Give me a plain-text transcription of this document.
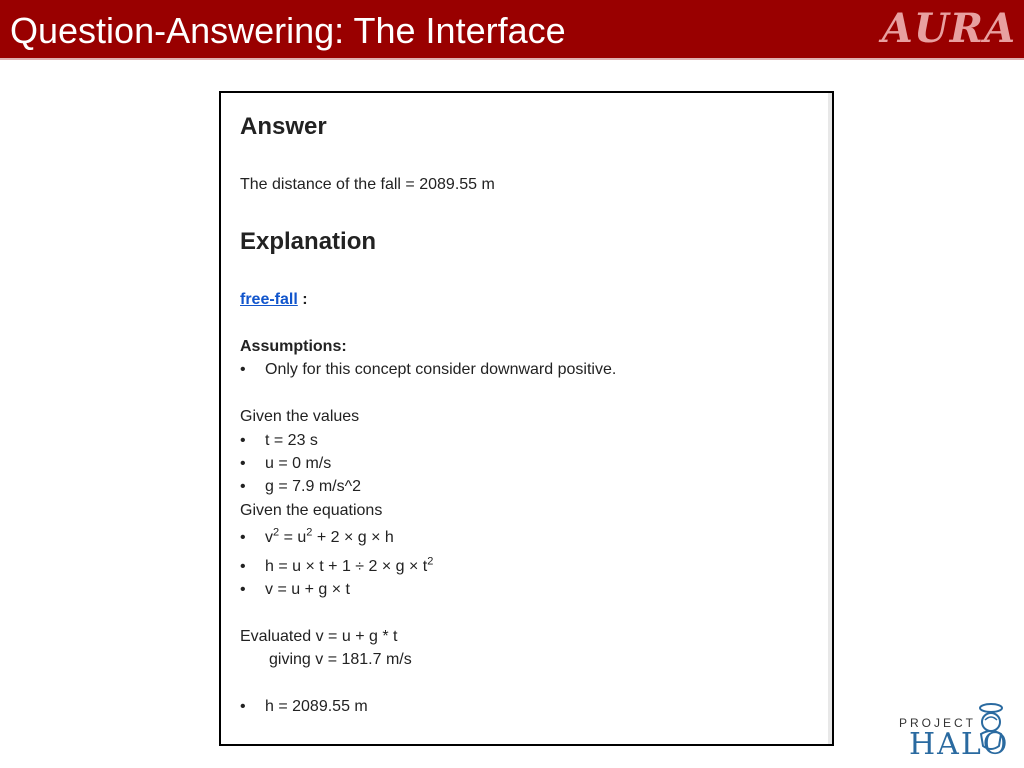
Question-Answering: The Interface	AURA
Answer
The distance of the fall = 2089.55 m
Explanation
free-fall :
Assumptions:
• Only for this concept consider downward positive.
Given the values
• t = 23 s
• u = 0 m/s
• g = 7.9 m/s^2
Given the equations
• $v^2 = u^2 + 2 \times g \times h$
• $h = u \times t + 1 \div 2 \times g \times t^2$
• v = u + g × t
Evaluated v = u + g * t
giving v = 181.7 m/s
• h = 2089.55 m
PROJECT
HALO
